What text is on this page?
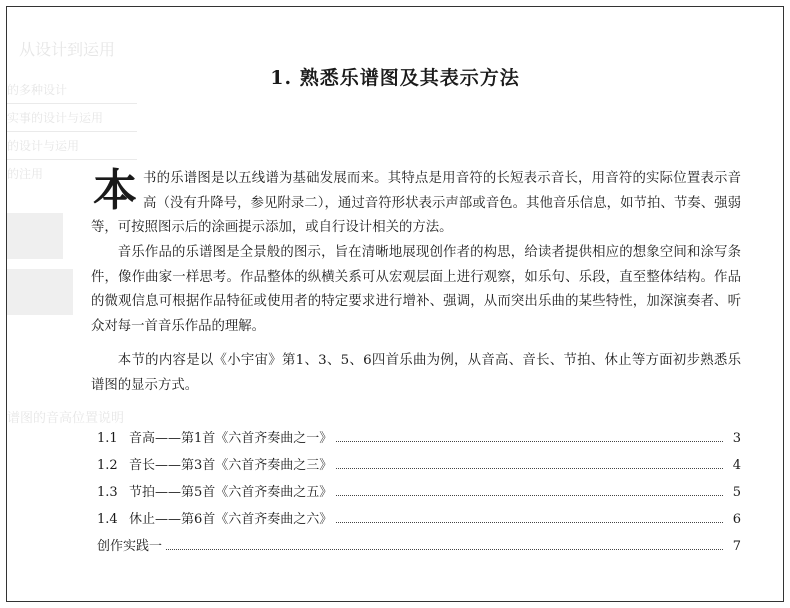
从设计到运用
的多种设计
实事的设计与运用
的设计与运用
的注用
谱图的音高位置说明
1. 熟悉乐谱图及其表示方法

本 书的乐谱图是以五线谱为基础发展而来。其特点是用音符的长短表示音长，用音符的实际位置表示音高（没有升降号，参见附录二），通过音符形状表示声部或音色。其他音乐信息，如节拍、节奏、强弱等，可按照图示后的涂画提示添加，或自行设计相关的方法。

音乐作品的乐谱图是全景般的图示，旨在清晰地展现创作者的构思，给读者提供相应的想象空间和涂写条件，像作曲家一样思考。作品整体的纵横关系可从宏观层面上进行观察，如乐句、乐段，直至整体结构。作品的微观信息可根据作品特征或使用者的特定要求进行增补、强调，从而突出乐曲的某些特性，加深演奏者、听众对每一首音乐作品的理解。

本节的内容是以《小宇宙》第1、3、5、6四首乐曲为例，从音高、音长、节拍、休止等方面初步熟悉乐谱图的显示方式。

1.1 音高——第1首《六首齐奏曲之一》	3
1.2 音长——第3首《六首齐奏曲之三》	4
1.3 节拍——第5首《六首齐奏曲之五》	5
1.4 休止——第6首《六首齐奏曲之六》	6
创作实践一	7
